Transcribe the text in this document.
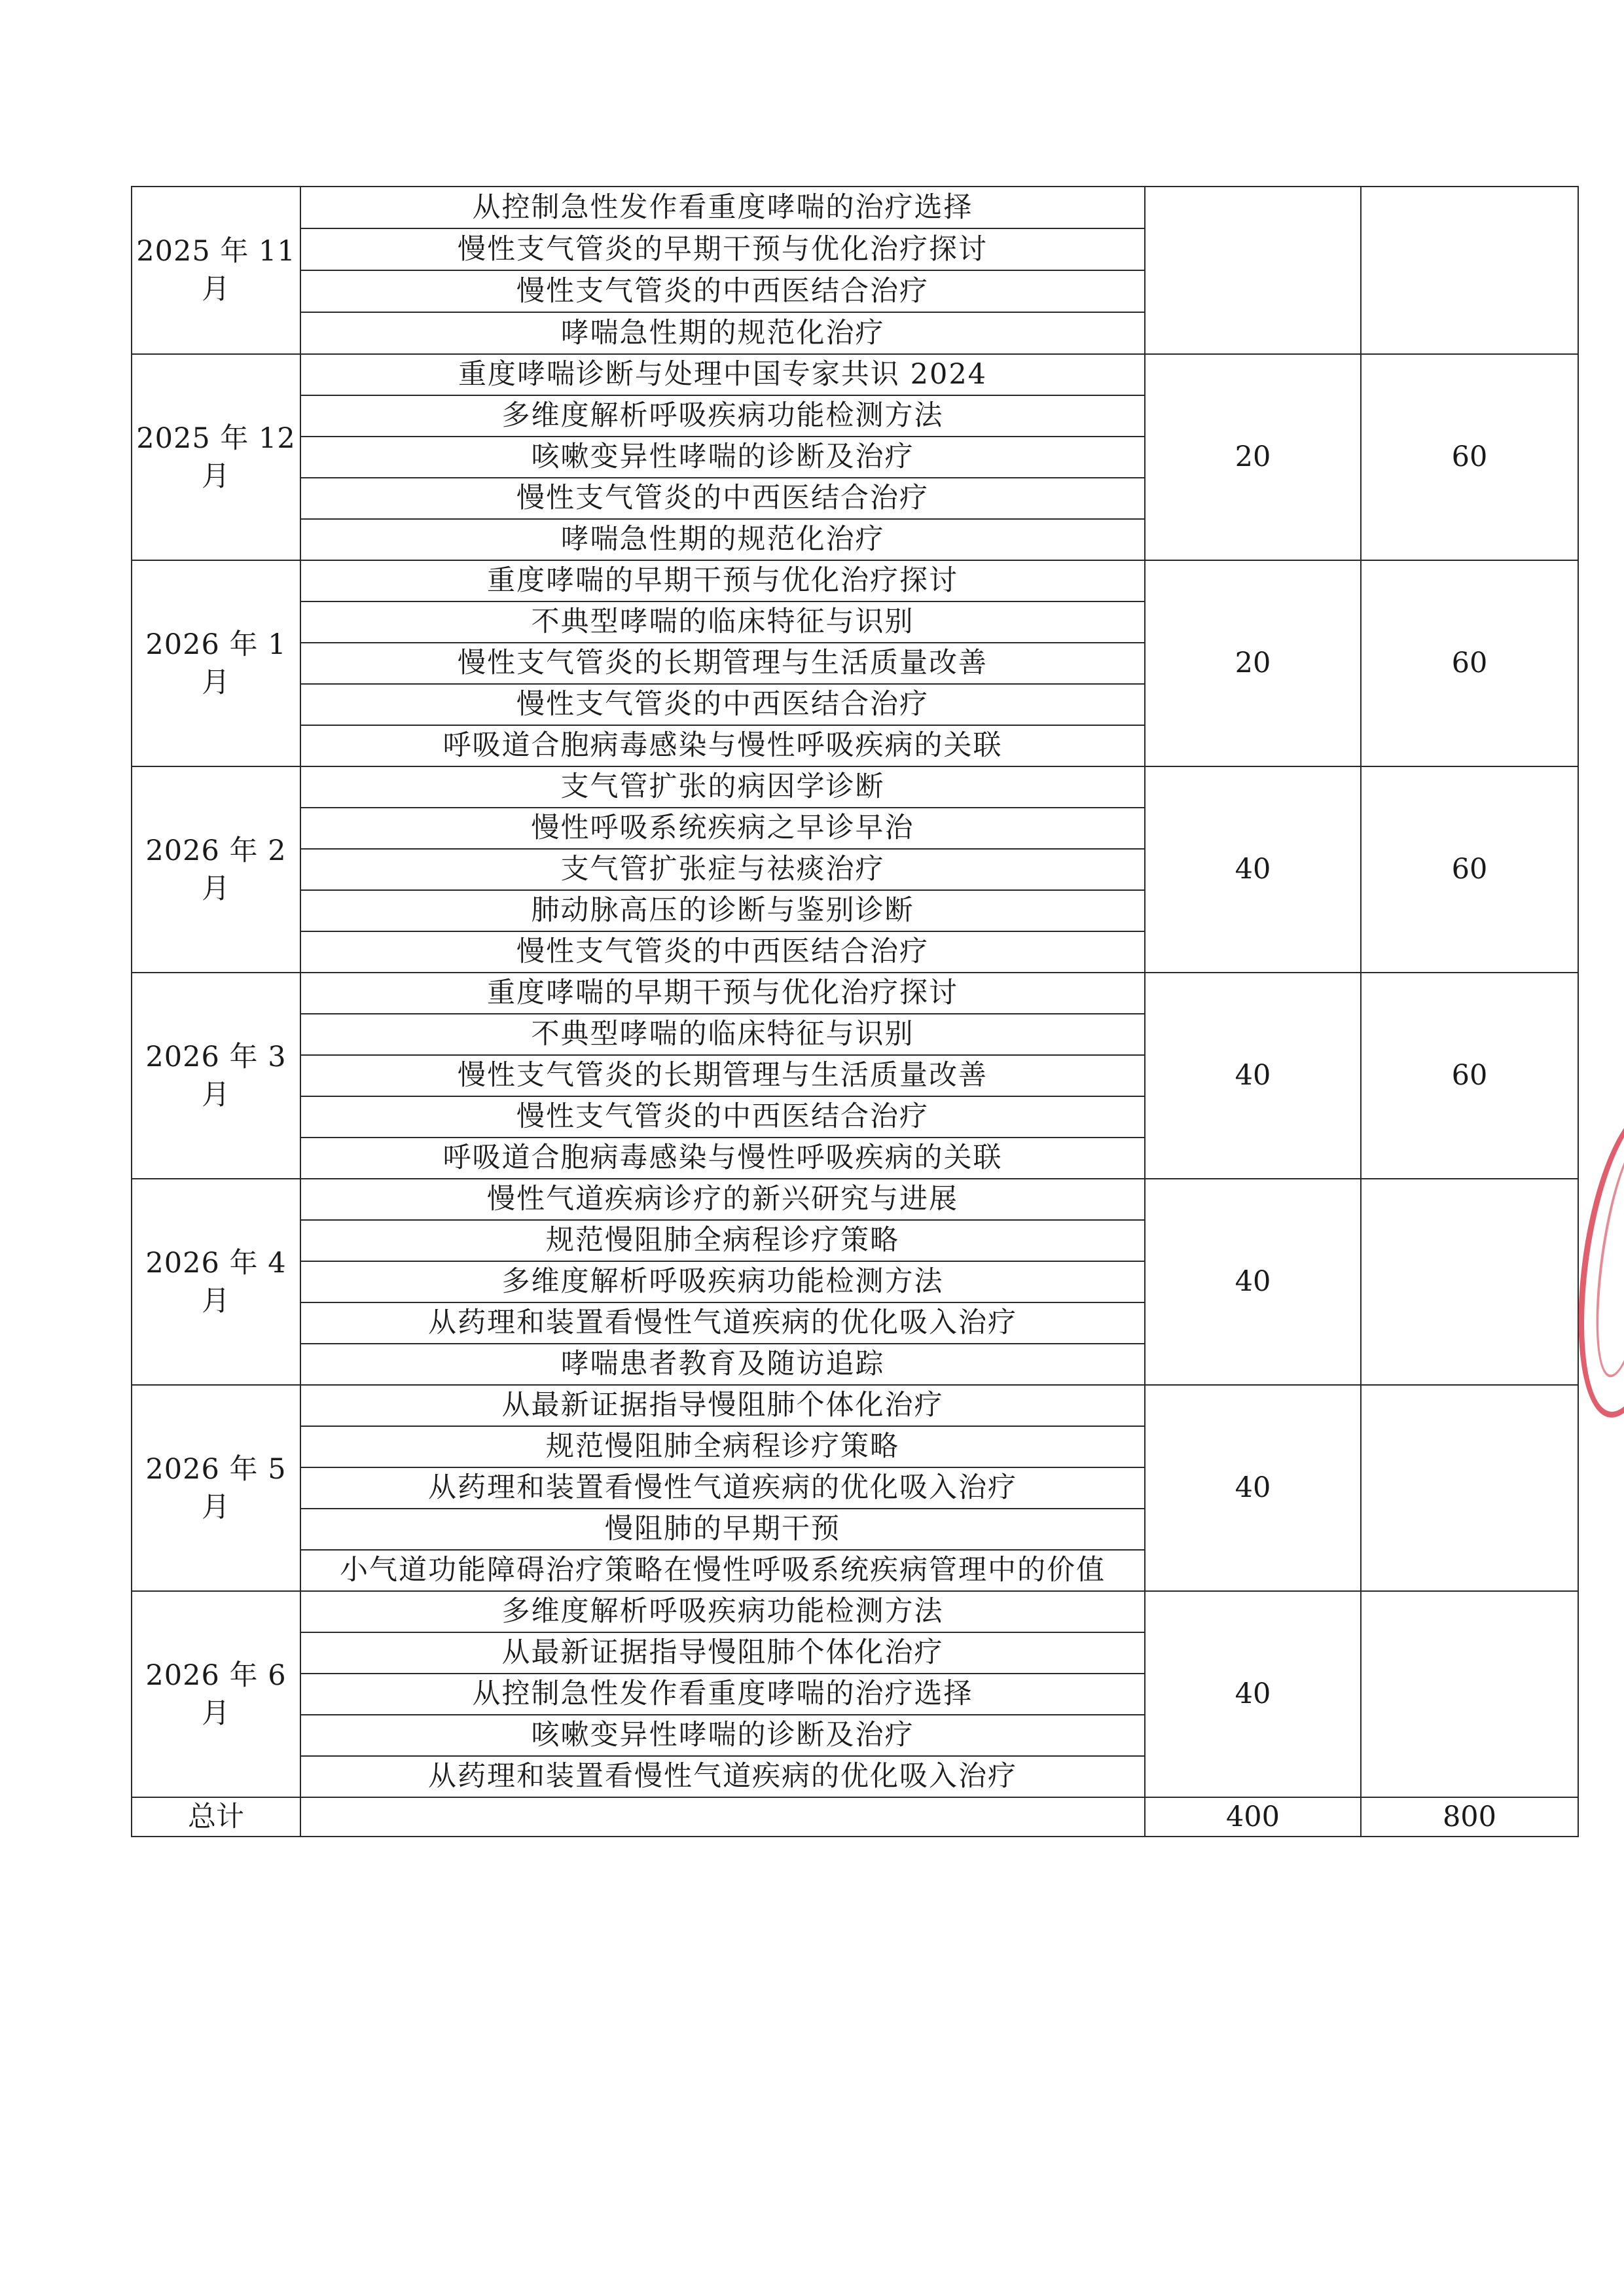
2025 年 11
月	从控制急性发作看重度哮喘的治疗选择		
	慢性支气管炎的早期干预与优化治疗探讨		
	慢性支气管炎的中西医结合治疗		
	哮喘急性期的规范化治疗		

2025 年 12
月	重度哮喘诊断与处理中国专家共识 2024	20	60
	多维度解析呼吸疾病功能检测方法		
	咳嗽变异性哮喘的诊断及治疗		
	慢性支气管炎的中西医结合治疗		
	哮喘急性期的规范化治疗		

2026 年 1
月	重度哮喘的早期干预与优化治疗探讨	20	60
	不典型哮喘的临床特征与识别		
	慢性支气管炎的长期管理与生活质量改善		
	慢性支气管炎的中西医结合治疗		
	呼吸道合胞病毒感染与慢性呼吸疾病的关联		

2026 年 2
月	支气管扩张的病因学诊断	40	60
	慢性呼吸系统疾病之早诊早治		
	支气管扩张症与祛痰治疗		
	肺动脉高压的诊断与鉴别诊断		
	慢性支气管炎的中西医结合治疗		

2026 年 3
月	重度哮喘的早期干预与优化治疗探讨	40	60
	不典型哮喘的临床特征与识别		
	慢性支气管炎的长期管理与生活质量改善		
	慢性支气管炎的中西医结合治疗		
	呼吸道合胞病毒感染与慢性呼吸疾病的关联		

2026 年 4
月	慢性气道疾病诊疗的新兴研究与进展	40	
	规范慢阻肺全病程诊疗策略		
	多维度解析呼吸疾病功能检测方法		
	从药理和装置看慢性气道疾病的优化吸入治疗		
	哮喘患者教育及随访追踪		

2026 年 5
月	从最新证据指导慢阻肺个体化治疗	40	
	规范慢阻肺全病程诊疗策略		
	从药理和装置看慢性气道疾病的优化吸入治疗		
	慢阻肺的早期干预		
	小气道功能障碍治疗策略在慢性呼吸系统疾病管理中的价值		

2026 年 6
月	多维度解析呼吸疾病功能检测方法	40	
	从最新证据指导慢阻肺个体化治疗		
	从控制急性发作看重度哮喘的治疗选择		
	咳嗽变异性哮喘的诊断及治疗		
	从药理和装置看慢性气道疾病的优化吸入治疗		
总计		400	800
